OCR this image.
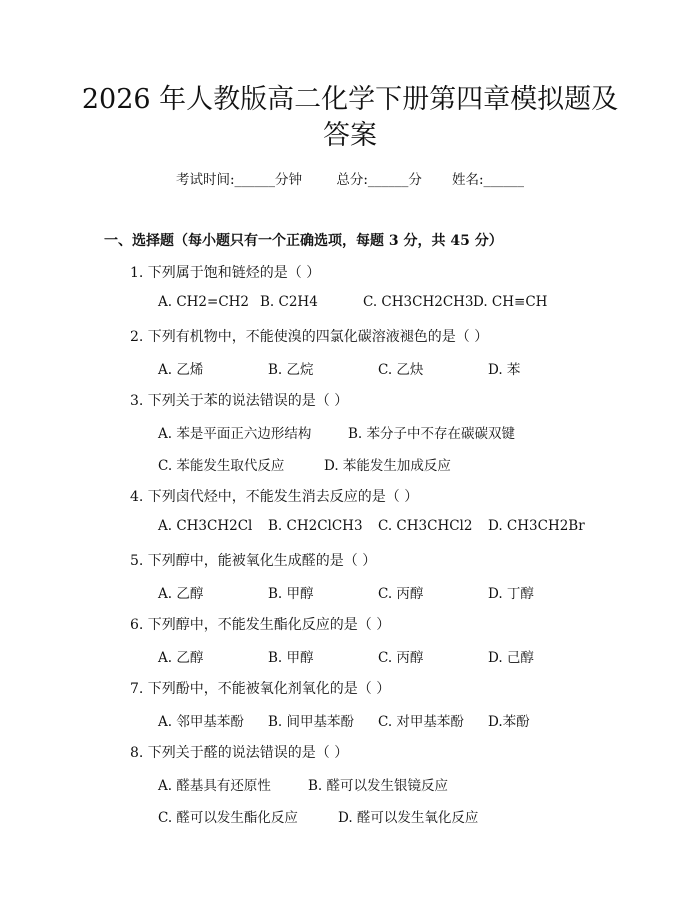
2026 年人教版高二化学下册第四章模拟题及
答案
考试时间:______分钟	总分:______分 姓名:______
一、选择题（每小题只有一个正确选项，每题 3 分，共 45 分）
1. 下列属于饱和链烃的是（ ）
A. CH2=CH2 B. C2H4	C. CH3CH2CH3 D. CH≡CH
2. 下列有机物中，不能使溴的四氯化碳溶液褪色的是（ ）
A. 乙烯	B. 乙烷	C. 乙炔	D. 苯
3. 下列关于苯的说法错误的是（ ）
A. 苯是平面正六边形结构	B. 苯分子中不存在碳碳双键
C. 苯能发生取代反应	D. 苯能发生加成反应
4. 下列卤代烃中，不能发生消去反应的是（ ）
A. CH3CH2Cl B. CH2ClCH3 C. CH3CHCl2 D. CH3CH2Br
5. 下列醇中，能被氧化生成醛的是（ ）
A. 乙醇	B. 甲醇	C. 丙醇	D. 丁醇
6. 下列醇中，不能发生酯化反应的是（ ）
A. 乙醇	B. 甲醇	C. 丙醇	D. 己醇
7. 下列酚中，不能被氧化剂氧化的是（ ）
A. 邻甲基苯酚 B. 间甲基苯酚 C. 对甲基苯酚 D.苯酚
8. 下列关于醛的说法错误的是（ ）
A. 醛基具有还原性	B. 醛可以发生银镜反应
C. 醛可以发生酯化反应	D. 醛可以发生氧化反应
